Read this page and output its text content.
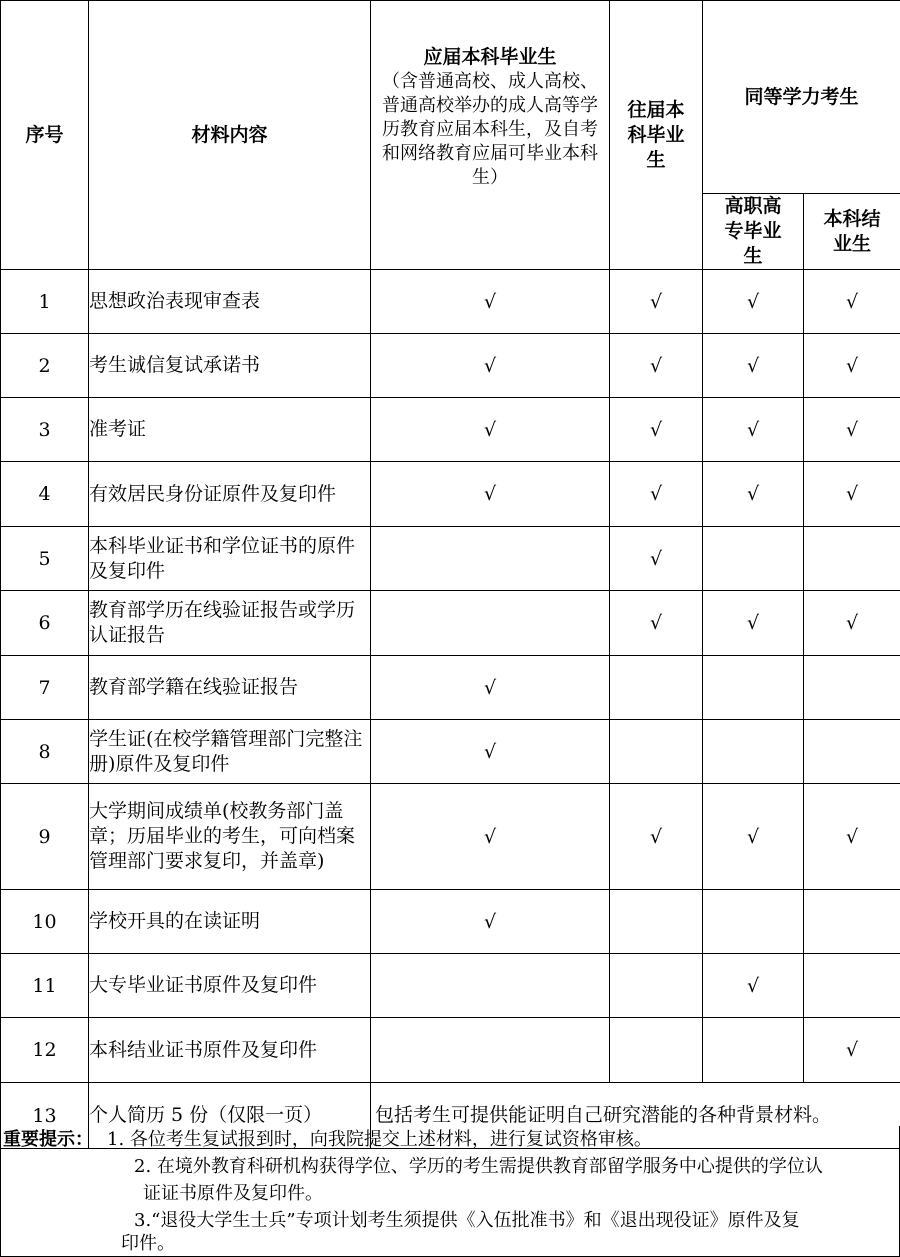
序号	材料内容	应届本科毕业生
（含普通高校、成人高校、普通高校举办的成人高等学历教育应届本科生，及自考和网络教育应届可毕业本科生）	往届本科毕业生	同等学力考生	
				高职高专毕业生	本科结业生
1	思想政治表现审查表	√	√	√	√
2	考生诚信复试承诺书	√	√	√	√
3	准考证	√	√	√	√
4	有效居民身份证原件及复印件	√	√	√	√
5	本科毕业证书和学位证书的原件及复印件		√		
6	教育部学历在线验证报告或学历认证报告		√	√	√
7	教育部学籍在线验证报告	√			
8	学生证(在校学籍管理部门完整注册)原件及复印件	√			
9	大学期间成绩单(校教务部门盖章；历届毕业的考生，可向档案管理部门要求复印，并盖章)	√	√	√	√
10	学校开具的在读证明	√			
11	大专毕业证书原件及复印件			√	
12	本科结业证书原件及复印件				√
13	个人简历 5 份（仅限一页）	包括考生可提供能证明自己研究潜能的各种背景材料。			
重要提示： 1. 各位考生复试报到时，向我院提交上述材料，进行复试资格审核。
2. 在境外教育科研机构获得学位、学历的考生需提供教育部留学服务中心提供的学位认
证证书原件及复印件。
3.“退役大学生士兵”专项计划考生须提供《入伍批准书》和《退出现役证》原件及复
印件。
